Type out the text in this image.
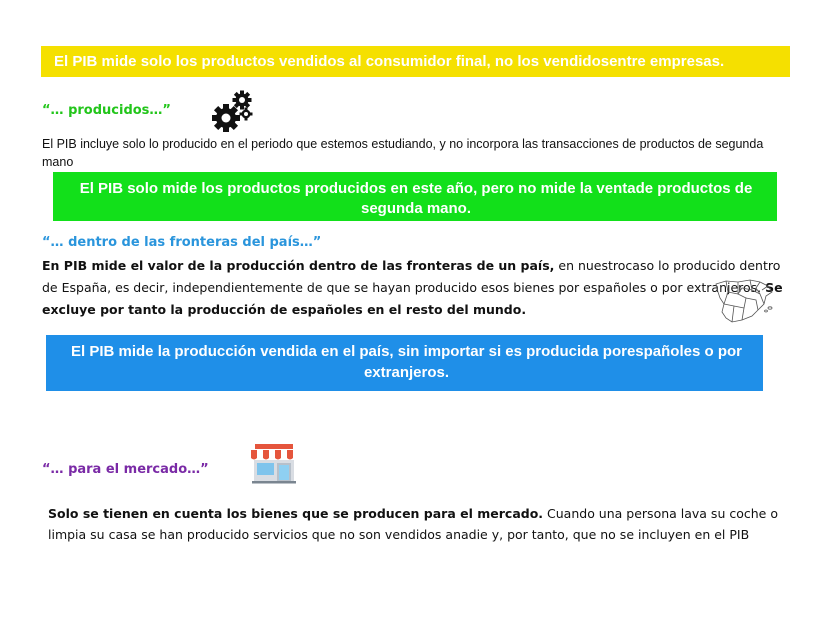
El PIB mide solo los productos vendidos al consumidor final, no los vendidosentre empresas.
“… producidos…”
El PIB incluye solo lo producido en el periodo que estemos estudiando, y no incorpora las transacciones de productos de segunda mano
El PIB solo mide los productos producidos en este año, pero no mide la ventade productos de segunda mano.
“… dentro de las fronteras del país…”
En PIB mide el valor de la producción dentro de las fronteras de un país, en nuestrocaso lo producido dentro de España, es decir, independientemente de que se hayan producido esos bienes por españoles o por extranjeros. Se excluye por tanto la producción de españoles en el resto del mundo.
El PIB mide la producción vendida en el país, sin importar si es producida porespañoles o por extranjeros.
“… para el mercado…”
Solo se tienen en cuenta los bienes que se producen para el mercado. Cuando una persona lava su coche o limpia su casa se han producido servicios que no son vendidos anadie y, por tanto, que no se incluyen en el PIB
